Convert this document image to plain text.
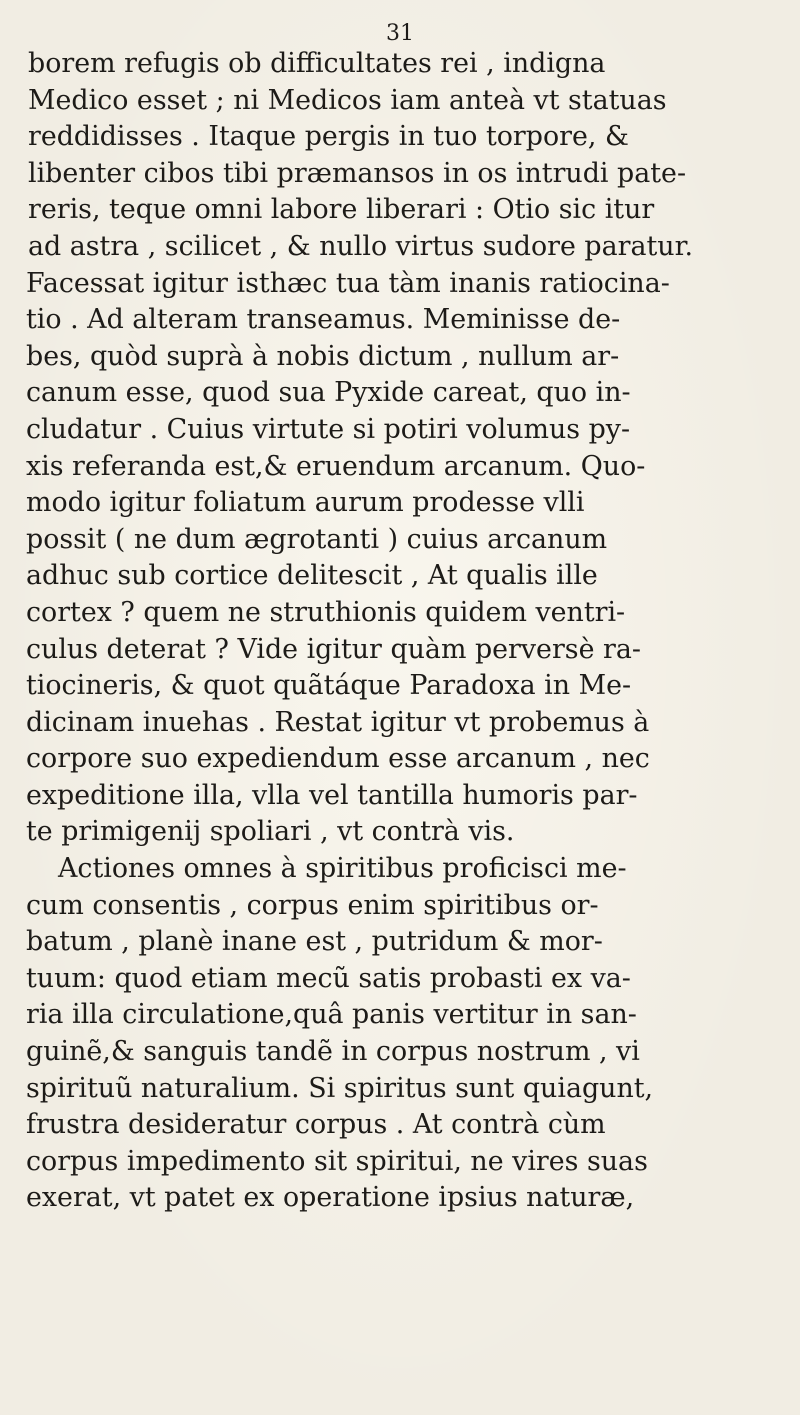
31
borem refugis ob difficultates rei , indigna
Medico esset ; ni Medicos iam anteà vt statuas
reddidisses . Itaque pergis in tuo torpore, &
libenter cibos tibi præmansos in os intrudi pate-
reris, teque omni labore liberari : Otio sic itur
ad astra , scilicet , & nullo virtus sudore paratur.
Facessat igitur isthæc tua tàm inanis ratiocina-
tio . Ad alteram transeamus. Meminisse de-
bes, quòd suprà à nobis dictum , nullum ar-
canum esse, quod sua Pyxide careat, quo in-
cludatur . Cuius virtute si potiri volumus py-
xis referanda est,& eruendum arcanum. Quo-
modo igitur foliatum aurum prodesse vlli
possit ( ne dum ægrotanti ) cuius arcanum
adhuc sub cortice delitescit , At qualis ille
cortex ? quem ne struthionis quidem ventri-
culus deterat ? Vide igitur quàm perversè ra-
tiocineris, & quot quãtáque Paradoxa in Me-
dicinam inuehas . Restat igitur vt probemus à
corpore suo expediendum esse arcanum , nec
expeditione illa, vlla vel tantilla humoris par-
te primigenij spoliari , vt contrà vis.
Actiones omnes à spiritibus proficisci me-
cum consentis , corpus enim spiritibus or-
batum , planè inane est , putridum & mor-
tuum: quod etiam mecũ satis probasti ex va-
ria illa circulatione,quâ panis vertitur in san-
guinẽ,& sanguis tandẽ in corpus nostrum , vi
spirituũ naturalium. Si spiritus sunt quiagunt,
frustra desideratur corpus . At contrà cùm
corpus impedimento sit spiritui, ne vires suas
exerat, vt patet ex operatione ipsius naturæ,
